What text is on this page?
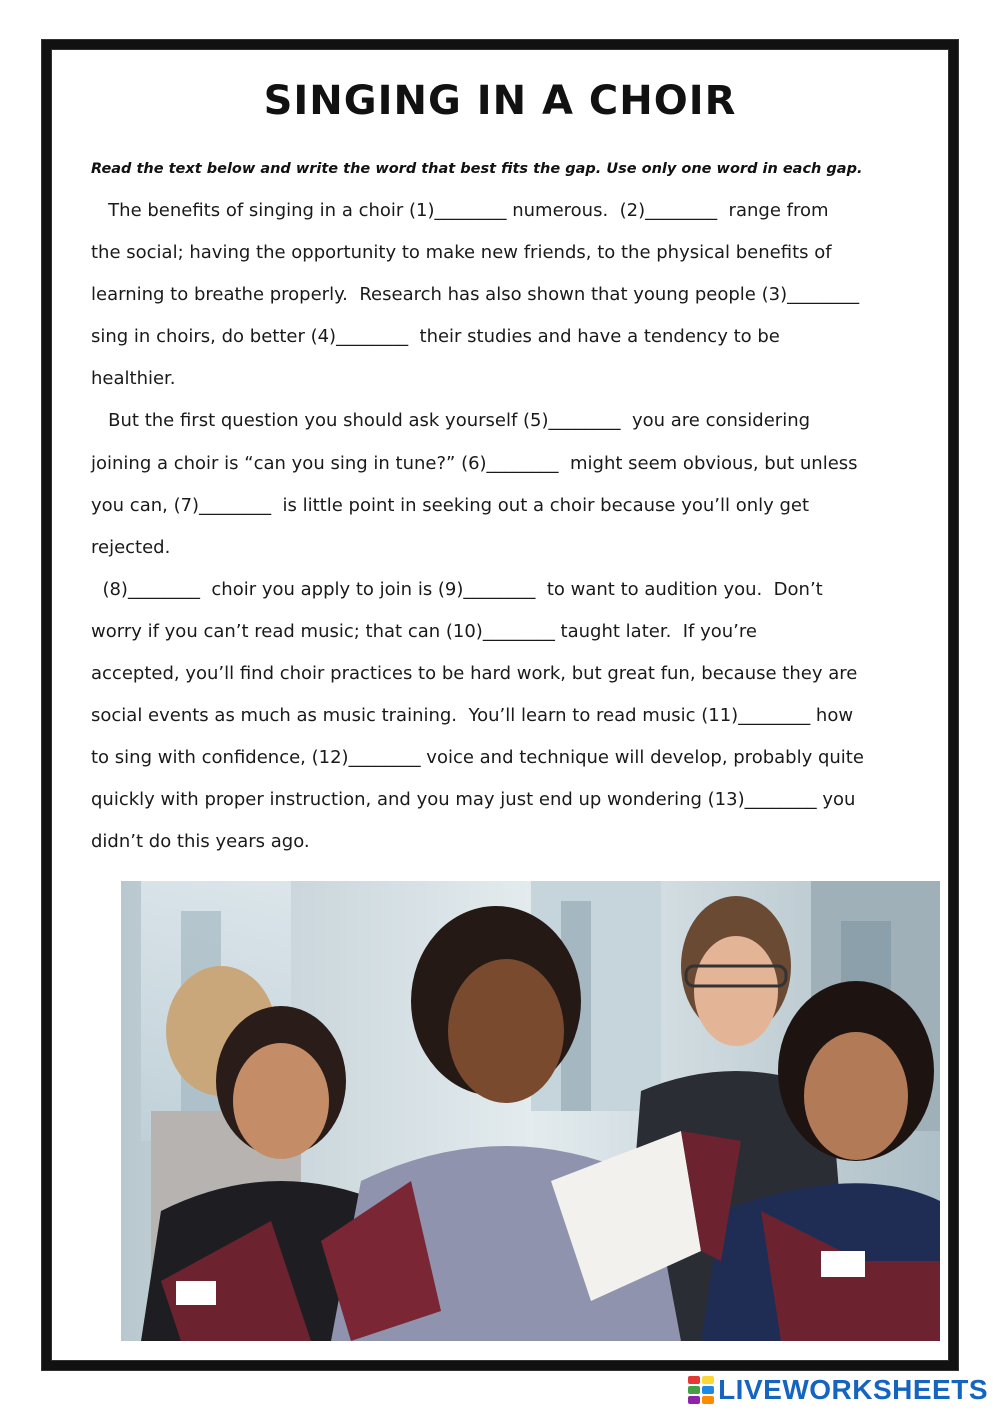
SINGING IN A CHOIR
Read the text below and write the word that best fits the gap. Use only one word in each gap.
The benefits of singing in a choir (1)________ numerous.  (2)________  range from
the social; having the opportunity to make new friends, to the physical benefits of
learning to breathe properly.  Research has also shown that young people (3)________
sing in choirs, do better (4)________  their studies and have a tendency to be
healthier.
But the first question you should ask yourself (5)________  you are considering
joining a choir is “can you sing in tune?” (6)________  might seem obvious, but unless
you can, (7)________  is little point in seeking out a choir because you’ll only get
rejected.
(8)________  choir you apply to join is (9)________  to want to audition you.  Don’t
worry if you can’t read music; that can (10)________ taught later.  If you’re
accepted, you’ll find choir practices to be hard work, but great fun, because they are
social events as much as music training.  You’ll learn to read music (11)________ how
to sing with confidence, (12)________ voice and technique will develop, probably quite
quickly with proper instruction, and you may just end up wondering (13)________ you
didn’t do this years ago.
LIVEWORKSHEETS
